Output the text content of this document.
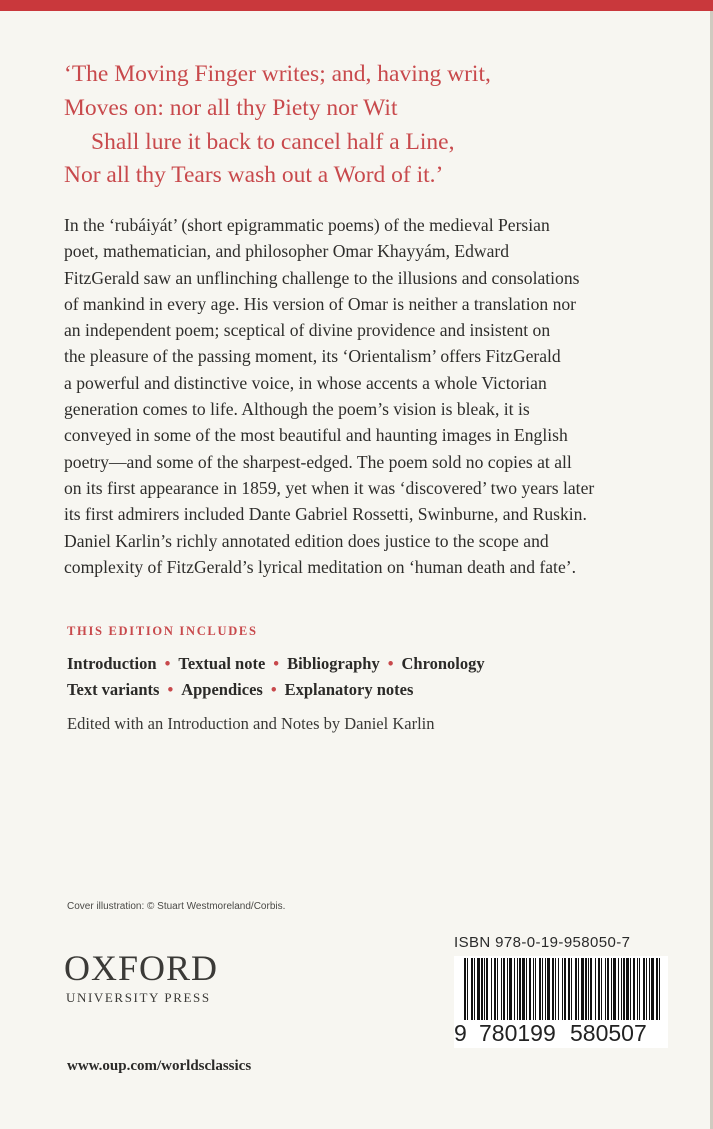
‘The Moving Finger writes; and, having writ,
Moves on: nor all thy Piety nor Wit
Shall lure it back to cancel half a Line,
Nor all thy Tears wash out a Word of it.’
In the ‘rubáiyát’ (short epigrammatic poems) of the medieval Persian
poet, mathematician, and philosopher Omar Khayyám, Edward
FitzGerald saw an unflinching challenge to the illusions and consolations
of mankind in every age. His version of Omar is neither a translation nor
an independent poem; sceptical of divine providence and insistent on
the pleasure of the passing moment, its ‘Orientalism’ offers FitzGerald
a powerful and distinctive voice, in whose accents a whole Victorian
generation comes to life. Although the poem’s vision is bleak, it is
conveyed in some of the most beautiful and haunting images in English
poetry—and some of the sharpest-edged. The poem sold no copies at all
on its first appearance in 1859, yet when it was ‘discovered’ two years later
its first admirers included Dante Gabriel Rossetti, Swinburne, and Ruskin.
Daniel Karlin’s richly annotated edition does justice to the scope and
complexity of FitzGerald’s lyrical meditation on ‘human death and fate’.
THIS EDITION INCLUDES
Introduction • Textual note • Bibliography • Chronology
Text variants • Appendices • Explanatory notes
Edited with an Introduction and Notes by Daniel Karlin
Cover illustration: © Stuart Westmoreland/Corbis.
OXFORD
UNIVERSITY PRESS
ISBN 978-0-19-958050-7
9 780199 580507
www.oup.com/worldsclassics
